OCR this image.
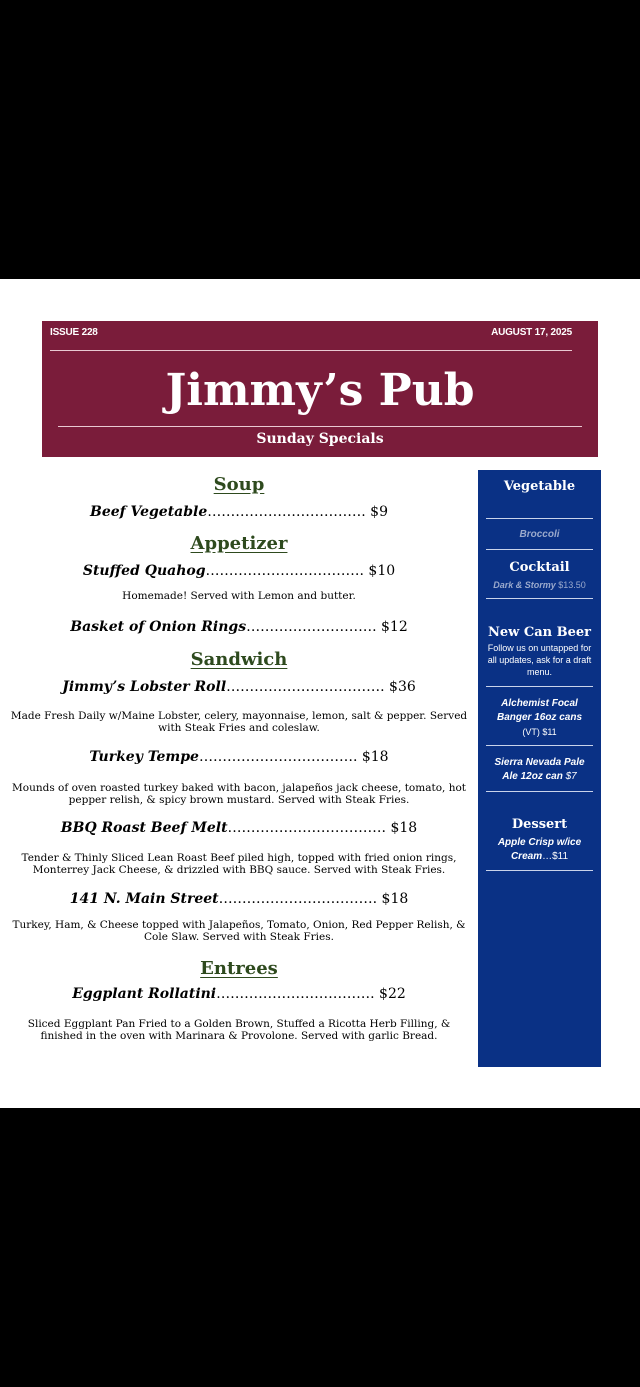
ISSUE 228	AUGUST 17, 2025
Jimmy’s Pub
Sunday Specials
Soup
Beef Vegetable……………………………. $9
Appetizer
Stuffed Quahog……………………………. $10
Homemade! Served with Lemon and butter.
Basket of Onion Rings………………………. $12
Sandwich
Jimmy’s Lobster Roll……………………………. $36
Made Fresh Daily w/Maine Lobster, celery, mayonnaise, lemon, salt & pepper. Served with Steak Fries and coleslaw.
Turkey Tempe……………………………. $18
Mounds of oven roasted turkey baked with bacon, jalapeños jack cheese, tomato, hot pepper relish, & spicy brown mustard. Served with Steak Fries.
BBQ Roast Beef Melt……………………………. $18
Tender & Thinly Sliced Lean Roast Beef piled high, topped with fried onion rings, Monterrey Jack Cheese, & drizzled with BBQ sauce. Served with Steak Fries.
141 N. Main Street……………………………. $18
Turkey, Ham, & Cheese topped with Jalapeños, Tomato, Onion, Red Pepper Relish, & Cole Slaw. Served with Steak Fries.
Entrees
Eggplant Rollatini……………………………. $22
Sliced Eggplant Pan Fried to a Golden Brown, Stuffed a Ricotta Herb Filling, & finished in the oven with Marinara & Provolone. Served with garlic Bread.
Vegetable
Broccoli
Cocktail
Dark & Stormy $13.50
New Can Beer
Follow us on untapped for all updates, ask for a draft menu.
Alchemist Focal Banger 16oz cans
(VT) $11
Sierra Nevada Pale Ale 12oz can $7
Dessert
Apple Crisp w/ice Cream…$11
